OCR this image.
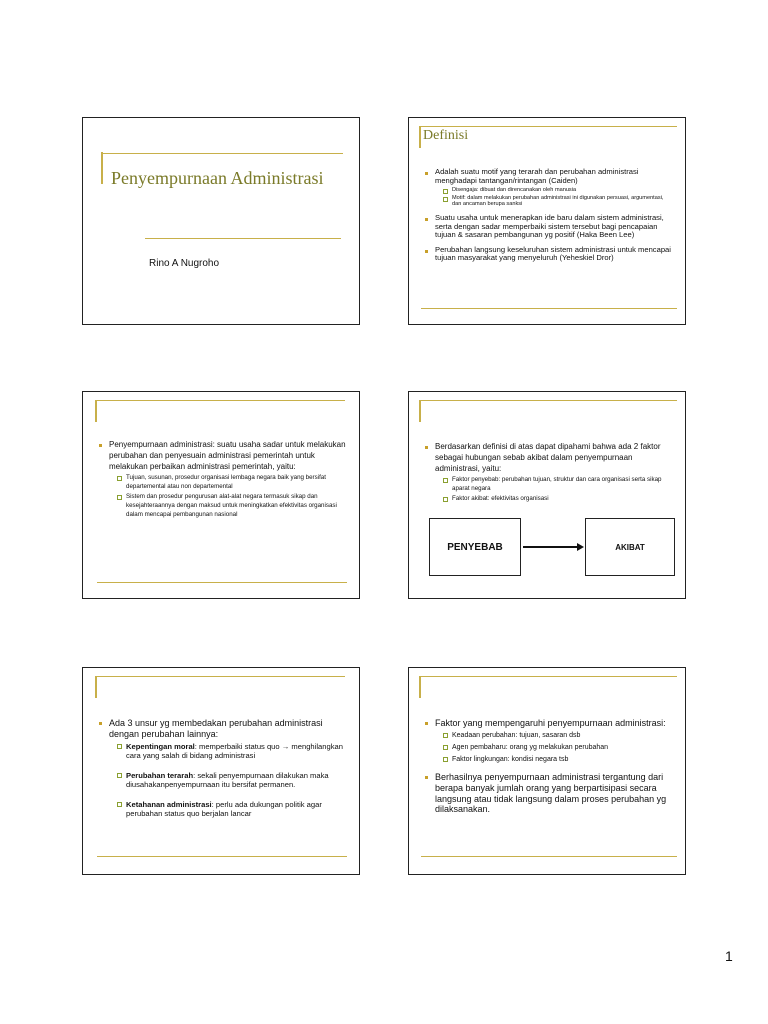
Penyempurnaan Administrasi
Rino A Nugroho
Definisi
Adalah suatu motif yang terarah dan perubahan administrasi menghadapi tantangan/rintangan (Caiden)
Disengaja: dibuat dan direncanakan oleh manusia
Motif: dalam melakukan perubahan administrasi ini digunakan persuasi, argumentasi, dan ancaman berupa sanksi
Suatu usaha untuk menerapkan ide baru dalam sistem administrasi, serta dengan sadar memperbaiki sistem tersebut bagi pencapaian tujuan & sasaran pembangunan yg positif (Haka Been Lee)
Perubahan langsung keseluruhan sistem administrasi untuk mencapai tujuan masyarakat yang menyeluruh (Yeheskiel Dror)
Penyempurnaan administrasi: suatu usaha sadar untuk melakukan perubahan dan penyesuain administrasi pemerintah untuk melakukan perbaikan administrasi pemerintah, yaitu:
Tujuan, susunan, prosedur organisasi lembaga negara baik yang bersifat departemental atau non departemental
Sistem dan prosedur pengurusan alat-alat negara termasuk sikap dan kesejahteraannya dengan maksud untuk meningkatkan efektivitas organisasi dalam mencapai pembangunan nasional
Berdasarkan definisi di atas dapat dipahami bahwa ada 2 faktor sebagai hubungan sebab akibat dalam penyempurnaan administrasi, yaitu:
Faktor penyebab: perubahan tujuan, struktur dan cara organisasi serta sikap aparat negara
Faktor akibat: efektivitas organisasi
PENYEBAB	AKIBAT
Ada 3 unsur yg membedakan perubahan administrasi dengan perubahan lainnya:
Kepentingan moral: memperbaiki status quo → menghilangkan cara yang salah di bidang administrasi
Perubahan terarah: sekali penyempurnaan dilakukan maka diusahakanpenyempurnaan itu bersifat permanen.
Ketahanan administrasi: perlu ada dukungan politik agar perubahan status quo berjalan lancar
Faktor yang mempengaruhi penyempurnaan administrasi:
Keadaan perubahan: tujuan, sasaran dsb
Agen pembaharu: orang yg melakukan perubahan
Faktor lingkungan: kondisi negara tsb
Berhasilnya penyempurnaan administrasi tergantung dari berapa banyak jumlah orang yang berpartisipasi secara langsung atau tidak langsung dalam proses perubahan yg dilaksanakan.
1
